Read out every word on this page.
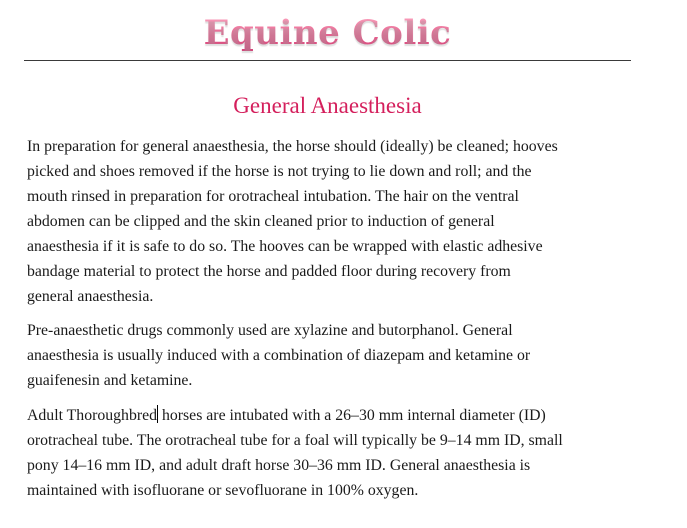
Equine Colic
General Anaesthesia

In preparation for general anaesthesia, the horse should (ideally) be cleaned; hooves
picked and shoes removed if the horse is not trying to lie down and roll; and the
mouth rinsed in preparation for orotracheal intubation. The hair on the ventral
abdomen can be clipped and the skin cleaned prior to induction of general
anaesthesia if it is safe to do so. The hooves can be wrapped with elastic adhesive
bandage material to protect the horse and padded floor during recovery from
general anaesthesia.

Pre-anaesthetic drugs commonly used are xylazine and butorphanol. General
anaesthesia is usually induced with a combination of diazepam and ketamine or
guaifenesin and ketamine.

Adult Thoroughbred horses are intubated with a 26–30 mm internal diameter (ID)
orotracheal tube. The orotracheal tube for a foal will typically be 9–14 mm ID, small
pony 14–16 mm ID, and adult draft horse 30–36 mm ID. General anaesthesia is
maintained with isofluorane or sevofluorane in 100% oxygen.
